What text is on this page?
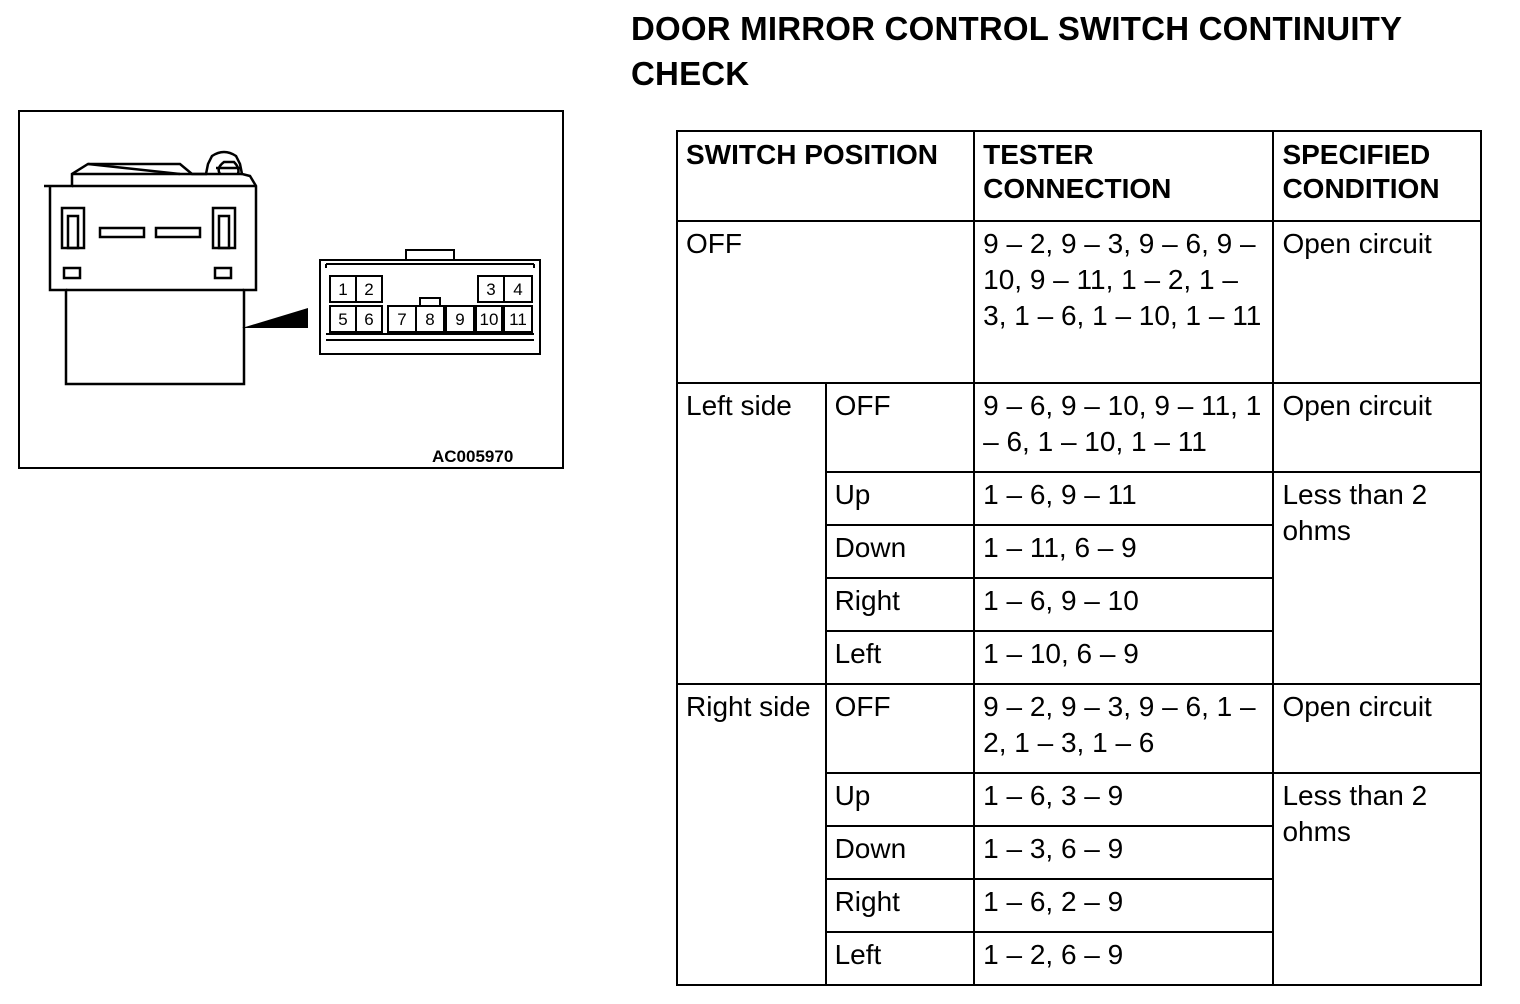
DOOR MIRROR CONTROL SWITCH CONTINUITY CHECK
1 2	3 4
5 6 7 8 9 10 11
AC005970
SWITCH POSITION		TESTER CONNECTION	SPECIFIED CONDITION
OFF		9 – 2, 9 – 3, 9 – 6, 9 – 10, 9 – 11, 1 – 2, 1 – 3, 1 – 6, 1 – 10, 1 – 11	Open circuit
Left side	OFF	9 – 6, 9 – 10, 9 – 11, 1 – 6, 1 – 10, 1 – 11	Open circuit
	Up	1 – 6, 9 – 11	Less than 2 ohms
	Down	1 – 11, 6 – 9	
	Right	1 – 6, 9 – 10	
	Left	1 – 10, 6 – 9	
Right side	OFF	9 – 2, 9 – 3, 9 – 6, 1 – 2, 1 – 3, 1 – 6	Open circuit
	Up	1 – 6, 3 – 9	Less than 2 ohms
	Down	1 – 3, 6 – 9	
	Right	1 – 6, 2 – 9	
	Left	1 – 2, 6 – 9	
